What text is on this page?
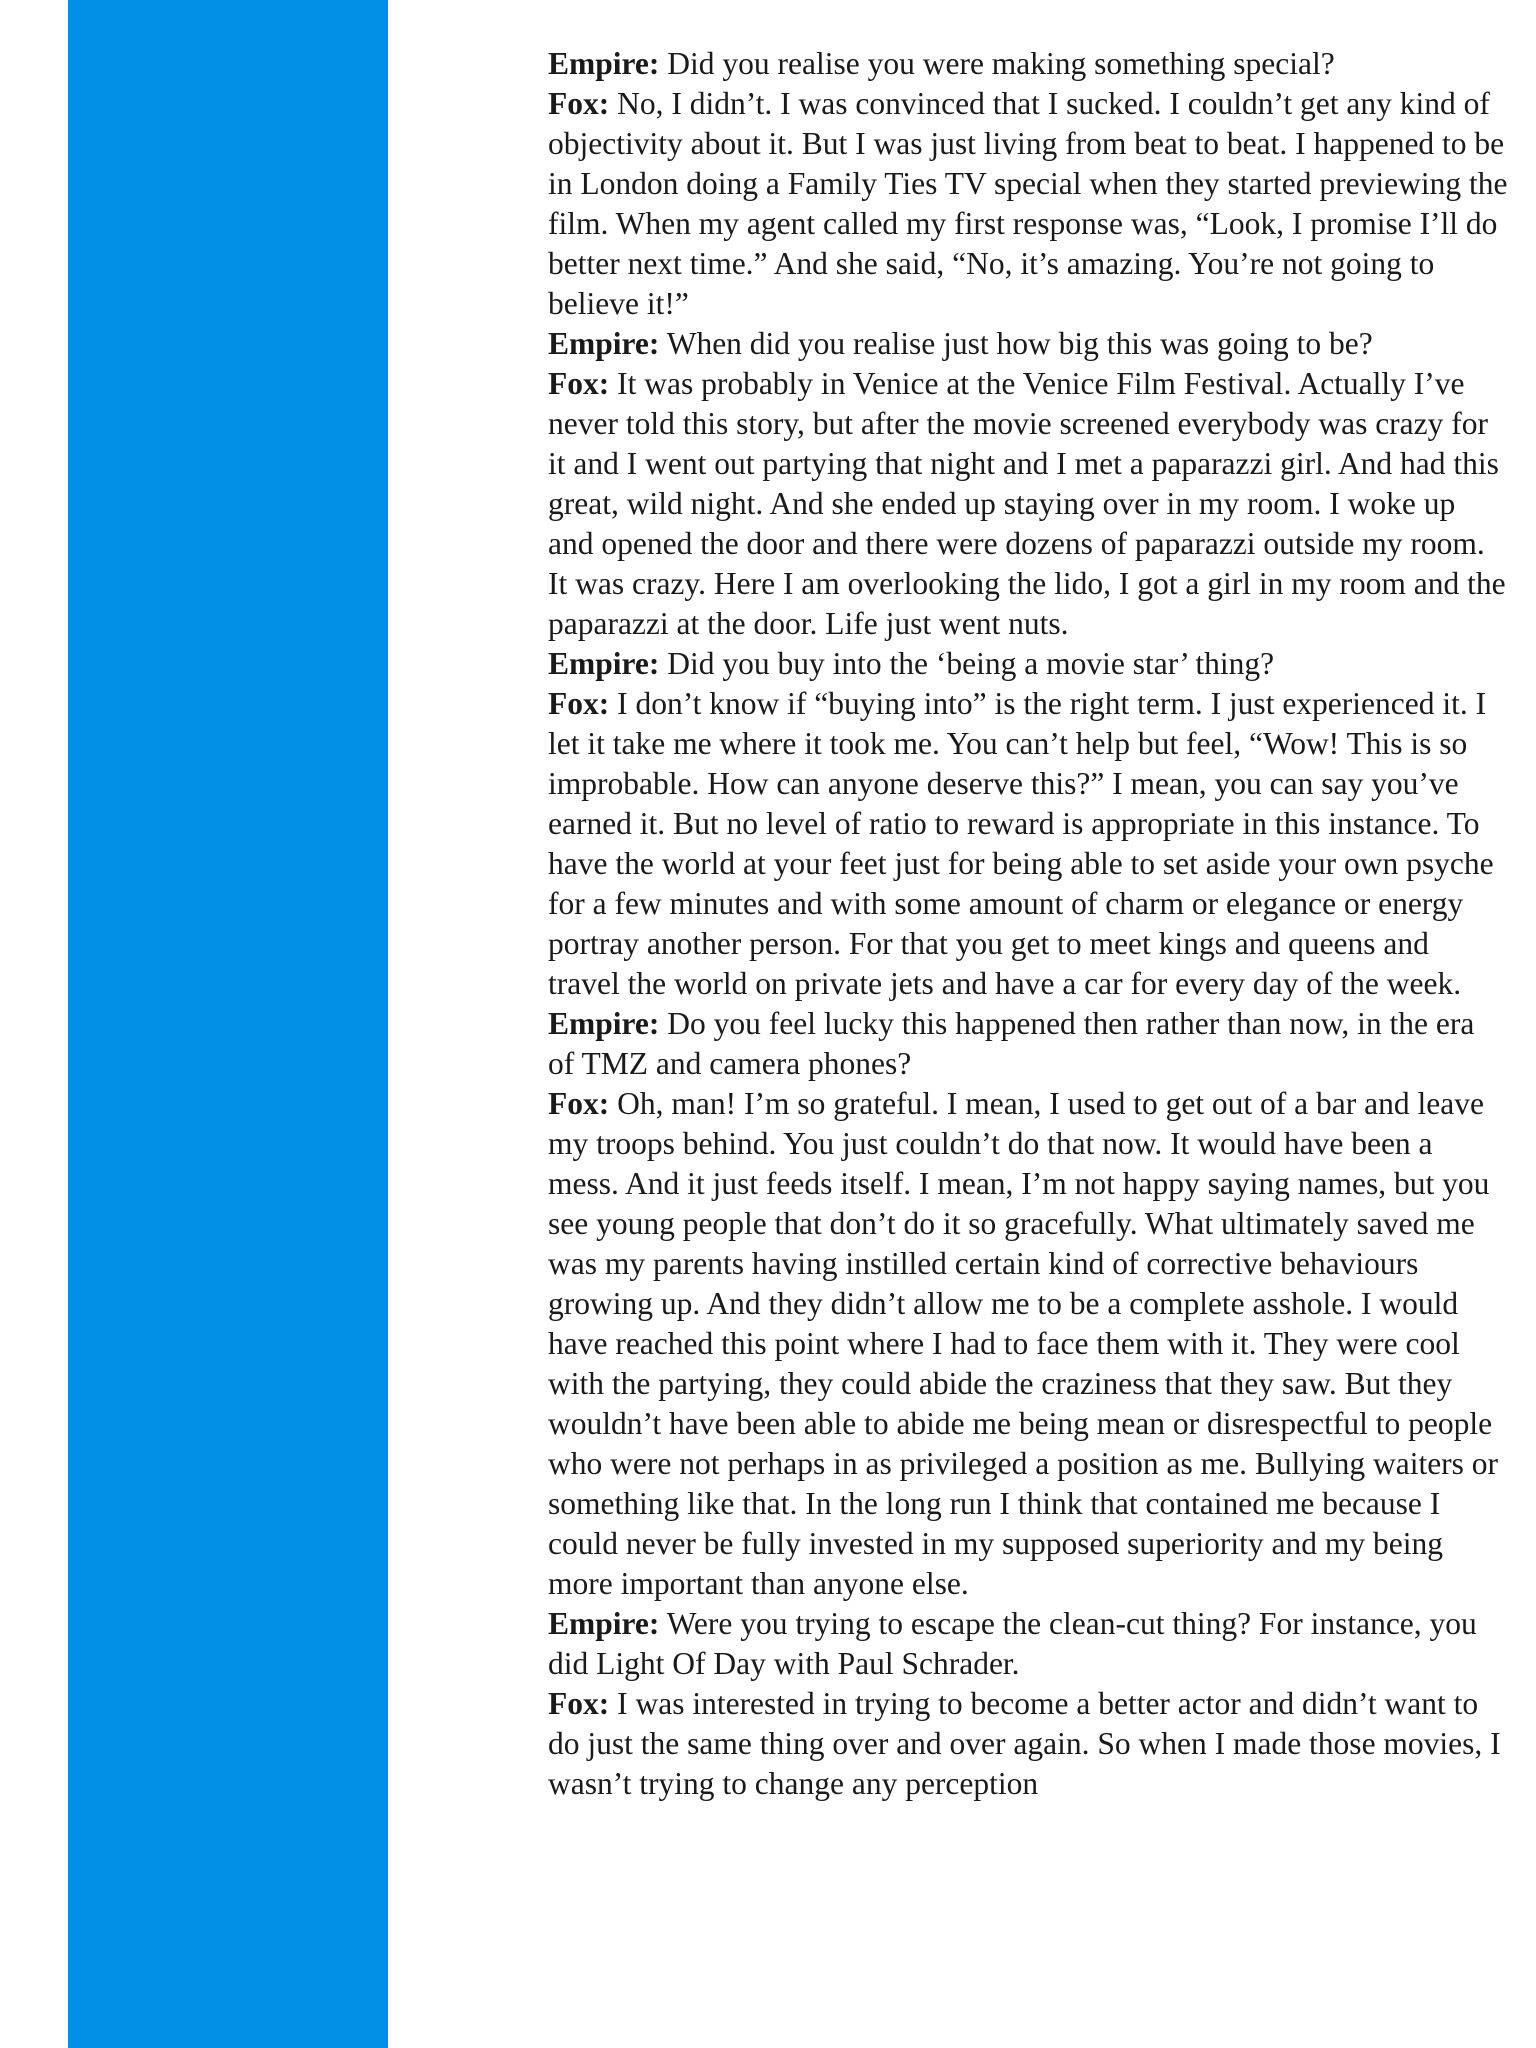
Empire: Did you realise you were making something special?

Fox: No, I didn’t. I was convinced that I sucked. I couldn’t get any kind of objectivity about it. But I was just living from beat to beat. I happened to be in London doing a Family Ties TV special when they started previewing the film. When my agent called my first response was, “Look, I promise I’ll do better next time.” And she said, “No, it’s amazing. You’re not going to believe it!”

Empire: When did you realise just how big this was going to be?

Fox: It was probably in Venice at the Venice Film Festival. Actually I’ve never told this story, but after the movie screened everybody was crazy for it and I went out partying that night and I met a paparazzi girl. And had this great, wild night. And she ended up staying over in my room. I woke up and opened the door and there were dozens of paparazzi outside my room. It was crazy. Here I am overlooking the lido, I got a girl in my room and the paparazzi at the door. Life just went nuts.

Empire: Did you buy into the ‘being a movie star’ thing?

Fox: I don’t know if “buying into” is the right term. I just experienced it. I let it take me where it took me. You can’t help but feel, “Wow! This is so improbable. How can anyone deserve this?” I mean, you can say you’ve earned it. But no level of ratio to reward is appropriate in this instance. To have the world at your feet just for being able to set aside your own psyche for a few minutes and with some amount of charm or elegance or energy portray another person. For that you get to meet kings and queens and travel the world on private jets and have a car for every day of the week.

Empire: Do you feel lucky this happened then rather than now, in the era of TMZ and camera phones?

Fox: Oh, man! I’m so grateful. I mean, I used to get out of a bar and leave my troops behind. You just couldn’t do that now. It would have been a mess. And it just feeds itself. I mean, I’m not happy saying names, but you see young people that don’t do it so gracefully. What ultimately saved me was my parents having instilled certain kind of corrective behaviours growing up. And they didn’t allow me to be a complete asshole. I would have reached this point where I had to face them with it. They were cool with the partying, they could abide the craziness that they saw. But they wouldn’t have been able to abide me being mean or disrespectful to people who were not perhaps in as privileged a position as me. Bullying waiters or something like that. In the long run I think that contained me because I could never be fully invested in my supposed superiority and my being more important than anyone else.

Empire: Were you trying to escape the clean-cut thing? For instance, you did Light Of Day with Paul Schrader.

Fox: I was interested in trying to become a better actor and didn’t want to do just the same thing over and over again. So when I made those movies, I wasn’t trying to change any perception
